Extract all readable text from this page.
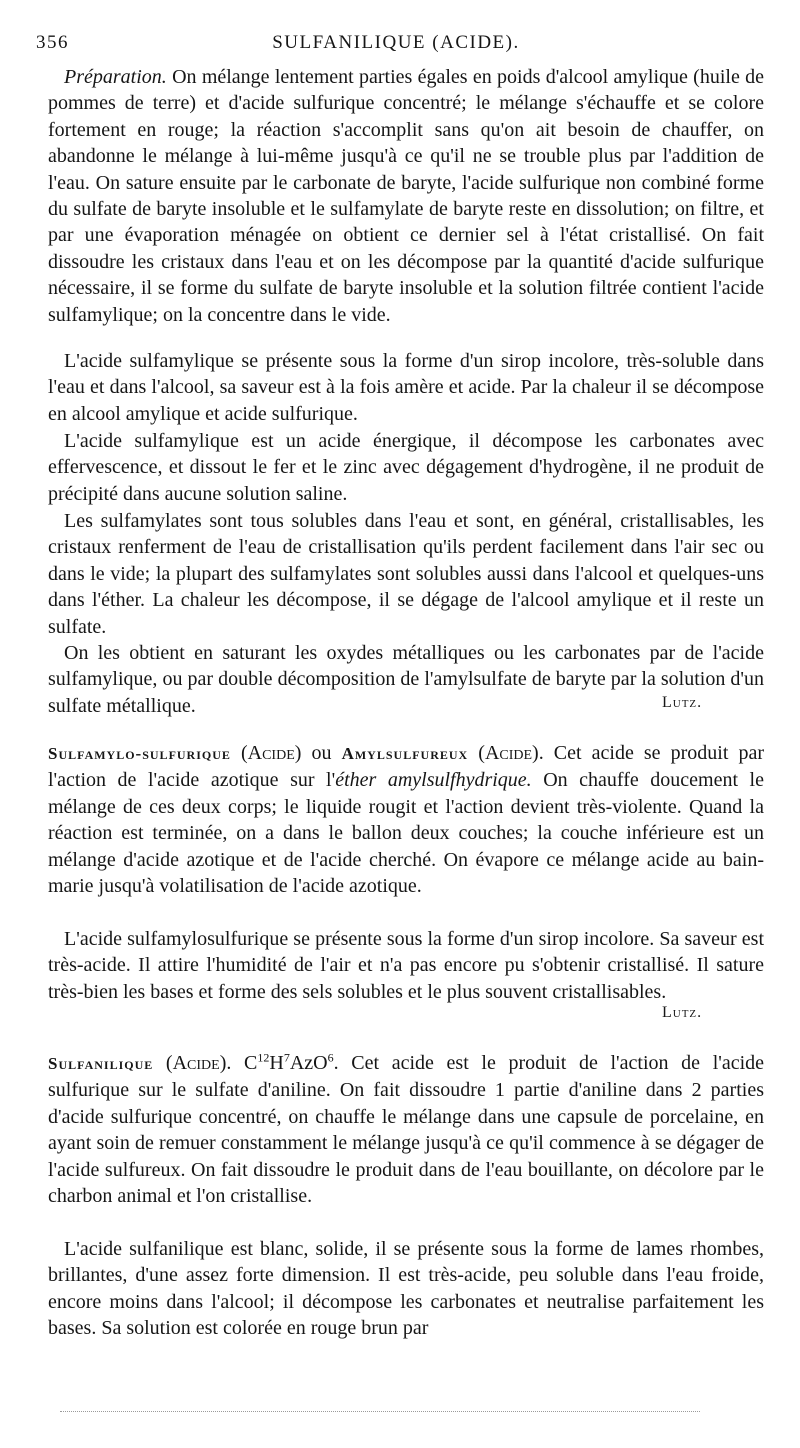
356	SULFANILIQUE (ACIDE).

Préparation. On mélange lentement parties égales en poids d'alcool amylique (huile de pommes de terre) et d'acide sulfurique concentré; le mélange s'échauffe et se colore fortement en rouge; la réaction s'accomplit sans qu'on ait besoin de chauffer, on abandonne le mélange à lui-même jusqu'à ce qu'il ne se trouble plus par l'addition de l'eau. On sature ensuite par le carbonate de baryte, l'acide sulfurique non combiné forme du sulfate de baryte insoluble et le sulfamylate de baryte reste en dissolution; on filtre, et par une évaporation ménagée on obtient ce dernier sel à l'état cristallisé. On fait dissoudre les cristaux dans l'eau et on les décompose par la quantité d'acide sulfurique nécessaire, il se forme du sulfate de baryte insoluble et la solution filtrée contient l'acide sulfamylique; on la concentre dans le vide.

L'acide sulfamylique se présente sous la forme d'un sirop incolore, très-soluble dans l'eau et dans l'alcool, sa saveur est à la fois amère et acide. Par la chaleur il se décompose en alcool amylique et acide sulfurique.

L'acide sulfamylique est un acide énergique, il décompose les carbonates avec effervescence, et dissout le fer et le zinc avec dégagement d'hydrogène, il ne produit de précipité dans aucune solution saline.

Les sulfamylates sont tous solubles dans l'eau et sont, en général, cristallisables, les cristaux renferment de l'eau de cristallisation qu'ils perdent facilement dans l'air sec ou dans le vide; la plupart des sulfamylates sont solubles aussi dans l'alcool et quelques-uns dans l'éther. La chaleur les décompose, il se dégage de l'alcool amylique et il reste un sulfate.

On les obtient en saturant les oxydes métalliques ou les carbonates par de l'acide sulfamylique, ou par double décomposition de l'amylsulfate de baryte par la solution d'un sulfate métallique.	Lutz.

Sulfamylo-sulfurique (Acide) ou Amylsulfureux (Acide). Cet acide se produit par l'action de l'acide azotique sur l'éther amylsulfhydrique. On chauffe doucement le mélange de ces deux corps; le liquide rougit et l'action devient très-violente. Quand la réaction est terminée, on a dans le ballon deux couches; la couche inférieure est un mélange d'acide azotique et de l'acide cherché. On évapore ce mélange acide au bain-marie jusqu'à volatilisation de l'acide azotique.

L'acide sulfamylosulfurique se présente sous la forme d'un sirop incolore. Sa saveur est très-acide. Il attire l'humidité de l'air et n'a pas encore pu s'obtenir cristallisé. Il sature très-bien les bases et forme des sels solubles et le plus souvent cristallisables.

Lutz.

Sulfanilique (Acide). $C^{12}H^7AzO^6$. Cet acide est le produit de l'action de l'acide sulfurique sur le sulfate d'aniline. On fait dissoudre 1 partie d'aniline dans 2 parties d'acide sulfurique concentré, on chauffe le mélange dans une capsule de porcelaine, en ayant soin de remuer constamment le mélange jusqu'à ce qu'il commence à se dégager de l'acide sulfureux. On fait dissoudre le produit dans de l'eau bouillante, on décolore par le charbon animal et l'on cristallise.

L'acide sulfanilique est blanc, solide, il se présente sous la forme de lames rhombes, brillantes, d'une assez forte dimension. Il est très-acide, peu soluble dans l'eau froide, encore moins dans l'alcool; il décompose les carbonates et neutralise parfaitement les bases. Sa solution est colorée en rouge brun par
